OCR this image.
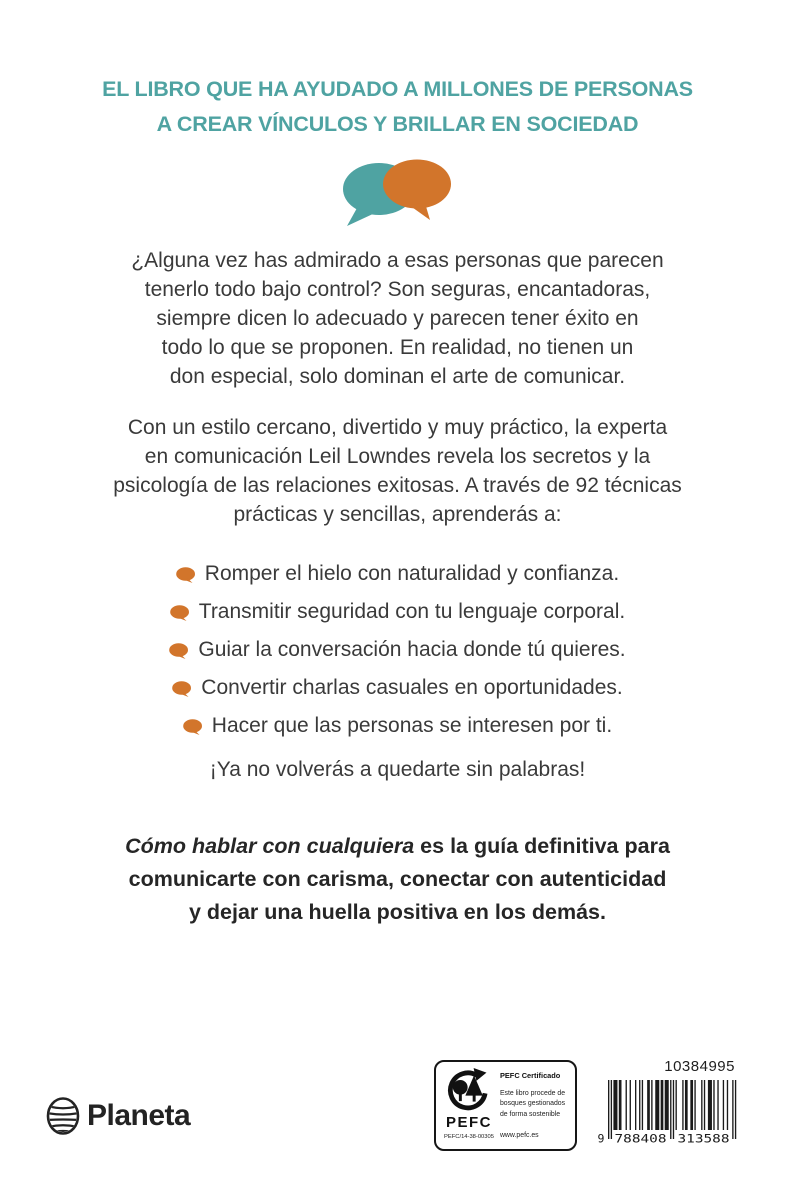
EL LIBRO QUE HA AYUDADO A MILLONES DE PERSONAS
A CREAR VÍNCULOS Y BRILLAR EN SOCIEDAD
¿Alguna vez has admirado a esas personas que parecen
tenerlo todo bajo control? Son seguras, encantadoras,
siempre dicen lo adecuado y parecen tener éxito en
todo lo que se proponen. En realidad, no tienen un
don especial, solo dominan el arte de comunicar.
Con un estilo cercano, divertido y muy práctico, la experta
en comunicación Leil Lowndes revela los secretos y la
psicología de las relaciones exitosas. A través de 92 técnicas
prácticas y sencillas, aprenderás a:
Romper el hielo con naturalidad y confianza.
Transmitir seguridad con tu lenguaje corporal.
Guiar la conversación hacia donde tú quieres.
Convertir charlas casuales en oportunidades.
Hacer que las personas se interesen por ti.
¡Ya no volverás a quedarte sin palabras!
Cómo hablar con cualquiera es la guía definitiva para
comunicarte con carisma, conectar con autenticidad
y dejar una huella positiva en los demás.
Planeta	PEFC
PEFC/14-38-00305
PEFC Certificado
Este libro procede de bosques gestionados de forma sostenible
www.pefc.es
10384995
9 788408 313588
